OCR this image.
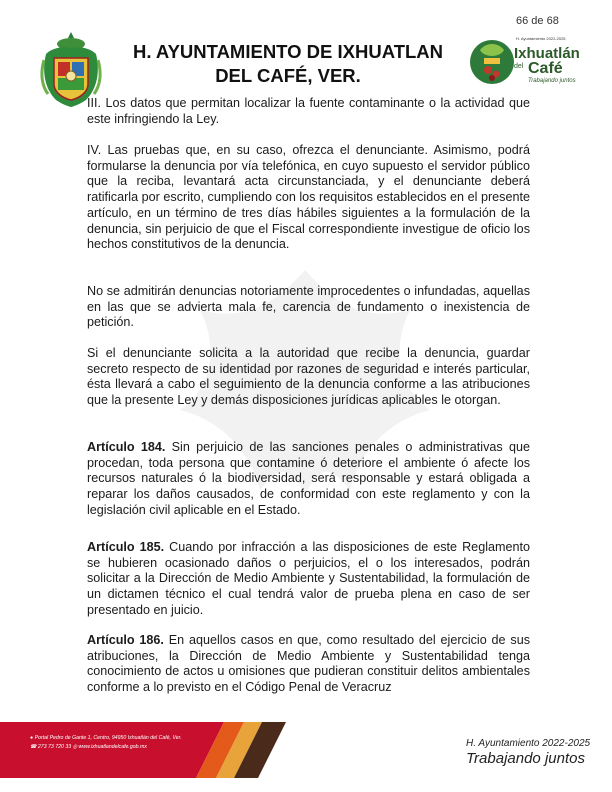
66 de 68
H. AYUNTAMIENTO DE IXHUATLAN
DEL CAFÉ, VER.
H. Ayuntamiento 2022-2025
Ixhuatlán
del Café
Trabajando juntos
III. Los datos que permitan localizar la fuente contaminante o la actividad que este infringiendo la Ley.
IV. Las pruebas que, en su caso, ofrezca el denunciante. Asimismo, podrá formularse la denuncia por vía telefónica, en cuyo supuesto el servidor público que la reciba, levantará acta circunstanciada, y el denunciante deberá ratificarla por escrito, cumpliendo con los requisitos establecidos en el presente artículo, en un término de tres días hábiles siguientes a la formulación de la denuncia, sin perjuicio de que el Fiscal correspondiente investigue de oficio los hechos constitutivos de la denuncia.
No se admitirán denuncias notoriamente improcedentes o infundadas, aquellas en las que se advierta mala fe, carencia de fundamento o inexistencia de petición.
Si el denunciante solicita a la autoridad que recibe la denuncia, guardar secreto respecto de su identidad por razones de seguridad e interés particular, ésta llevará a cabo el seguimiento de la denuncia conforme a las atribuciones que la presente Ley y demás disposiciones jurídicas aplicables le otorgan.
Artículo 184. Sin perjuicio de las sanciones penales o administrativas que procedan, toda persona que contamine ó deteriore el ambiente ó afecte los recursos naturales ó la biodiversidad, será responsable y estará obligada a reparar los daños causados, de conformidad con este reglamento y con la legislación civil aplicable en el Estado.
Artículo 185. Cuando por infracción a las disposiciones de este Reglamento se hubieren ocasionado daños o perjuicios, el o los interesados, podrán solicitar a la Dirección de Medio Ambiente y Sustentabilidad, la formulación de un dictamen técnico el cual tendrá valor de prueba plena en caso de ser presentado en juicio.
Artículo 186. En aquellos casos en que, como resultado del ejercicio de sus atribuciones, la Dirección de Medio Ambiente y Sustentabilidad tenga conocimiento de actos u omisiones que pudieran constituir delitos ambientales conforme a lo previsto en el Código Penal de Veracruz
● Portal Pedro de Gante 1, Centro, 94950 Ixhuatlán del Café, Ver.
☎ 273 73 720 33 ◎ www.ixhuatlandelcafe.gob.mx	H. Ayuntamiento 2022-2025
Trabajando juntos
